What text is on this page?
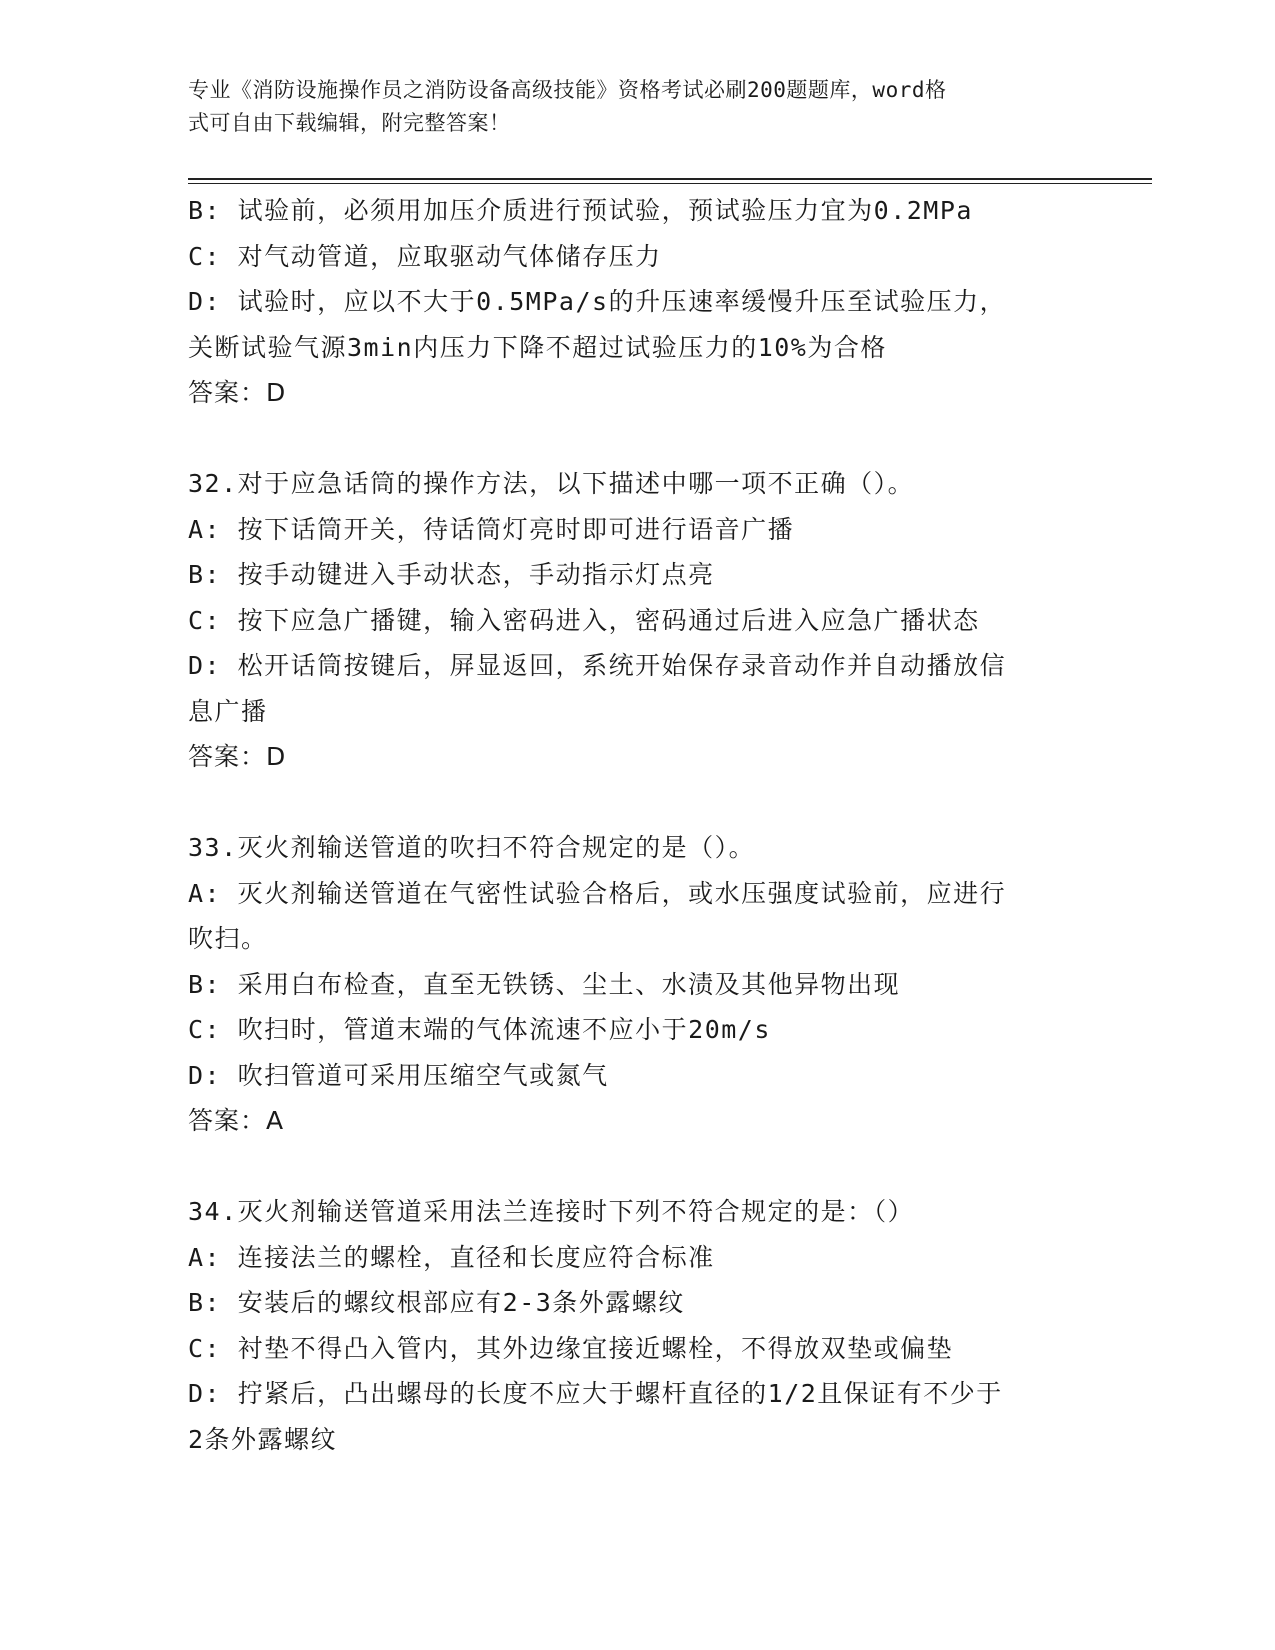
专业《消防设施操作员之消防设备高级技能》资格考试必刷200题题库，word格
式可自由下载编辑，附完整答案！
B: 试验前，必须用加压介质进行预试验，预试验压力宜为0.2MPa
C: 对气动管道，应取驱动气体储存压力
D: 试验时，应以不大于0.5MPa/s的升压速率缓慢升压至试验压力，
关断试验气源3min内压力下降不超过试验压力的10%为合格
答案：D
32.对于应急话筒的操作方法，以下描述中哪一项不正确（）。
A: 按下话筒开关，待话筒灯亮时即可进行语音广播
B: 按手动键进入手动状态，手动指示灯点亮
C: 按下应急广播键，输入密码进入，密码通过后进入应急广播状态
D: 松开话筒按键后，屏显返回，系统开始保存录音动作并自动播放信
息广播
答案：D
33.灭火剂输送管道的吹扫不符合规定的是（）。
A: 灭火剂输送管道在气密性试验合格后，或水压强度试验前，应进行
吹扫。
B: 采用白布检查，直至无铁锈、尘土、水渍及其他异物出现
C: 吹扫时，管道末端的气体流速不应小于20m/s
D: 吹扫管道可采用压缩空气或氮气
答案：A
34.灭火剂输送管道采用法兰连接时下列不符合规定的是：（）
A: 连接法兰的螺栓，直径和长度应符合标准
B: 安装后的螺纹根部应有2-3条外露螺纹
C: 衬垫不得凸入管内，其外边缘宜接近螺栓，不得放双垫或偏垫
D: 拧紧后，凸出螺母的长度不应大于螺杆直径的1/2且保证有不少于
2条外露螺纹
